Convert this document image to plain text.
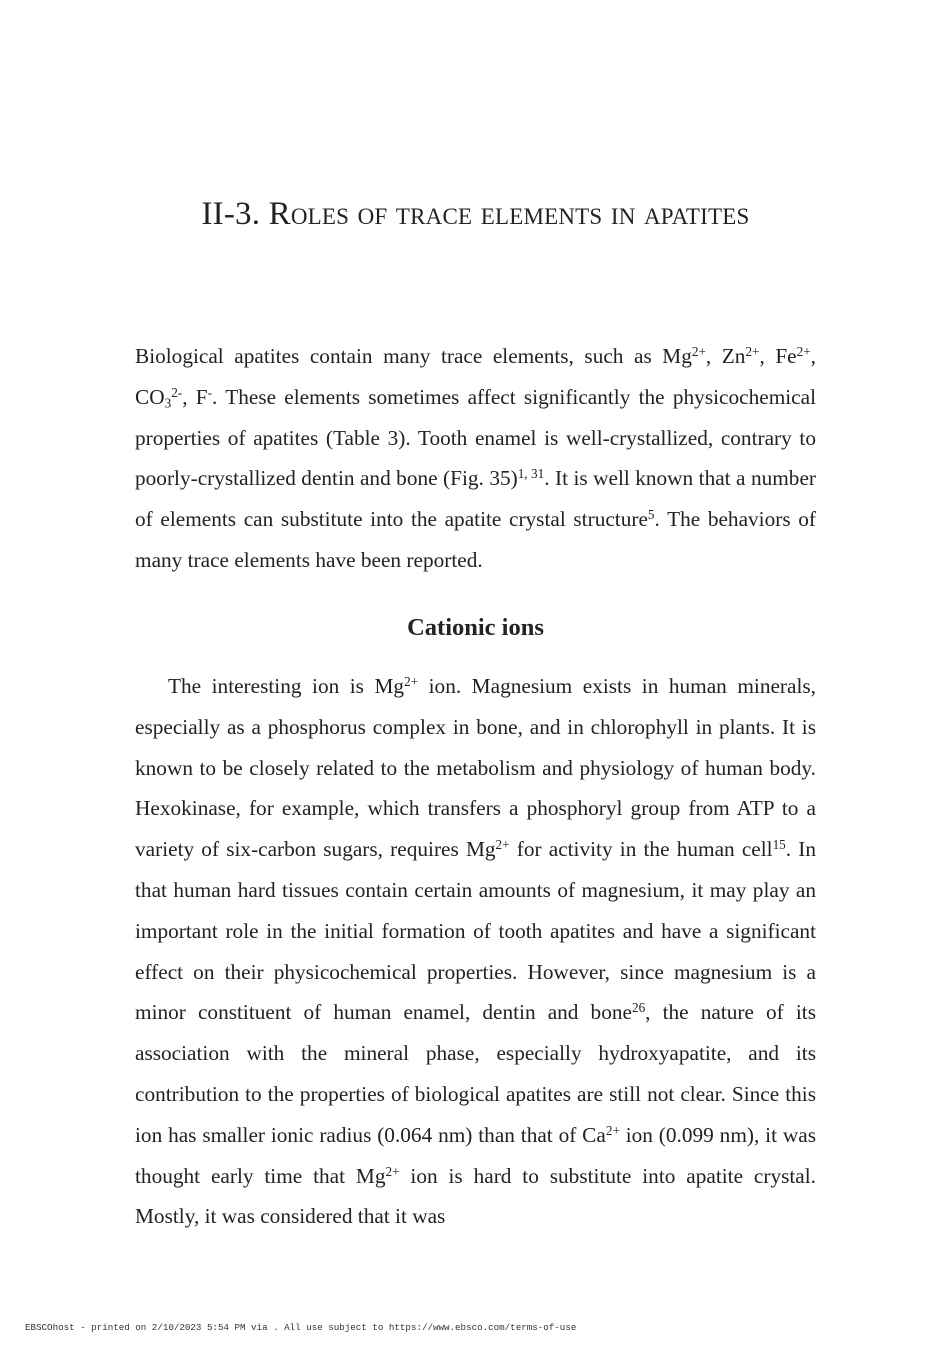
II-3. Roles of trace elements in apatites

Biological apatites contain many trace elements, such as $Mg^{2+}$, $Zn^{2+}$, $Fe^{2+}$, $CO_3^{2-}$, F-. These elements sometimes affect significantly the physicochemical properties of apatites (Table 3). Tooth enamel is well-crystallized, contrary to poorly-crystallized dentin and bone (Fig. 35)$^{1, 31}$. It is well known that a number of elements can substitute into the apatite crystal structure$^5$. The behaviors of many trace elements have been reported.

Cationic ions

The interesting ion is $Mg^{2+}$ ion. Magnesium exists in human minerals, especially as a phosphorus complex in bone, and in chlorophyll in plants. It is known to be closely related to the metabolism and physiology of human body. Hexokinase, for example, which transfers a phosphoryl group from ATP to a variety of six-carbon sugars, requires $Mg^{2+}$ for activity in the human cell$^{15}$. In that human hard tissues contain certain amounts of magnesium, it may play an important role in the initial formation of tooth apatites and have a significant effect on their physicochemical properties. However, since magnesium is a minor constituent of human enamel, dentin and bone$^{26}$, the nature of its association with the mineral phase, especially hydroxyapatite, and its contribution to the properties of biological apatites are still not clear. Since this ion has smaller ionic radius (0.064 nm) than that of $Ca^{2+}$ ion (0.099 nm), it was thought early time that $Mg^{2+}$ ion is hard to substitute into apatite crystal. Mostly, it was considered that it was

EBSCOhost - printed on 2/10/2023 5:54 PM via . All use subject to https://www.ebsco.com/terms-of-use
